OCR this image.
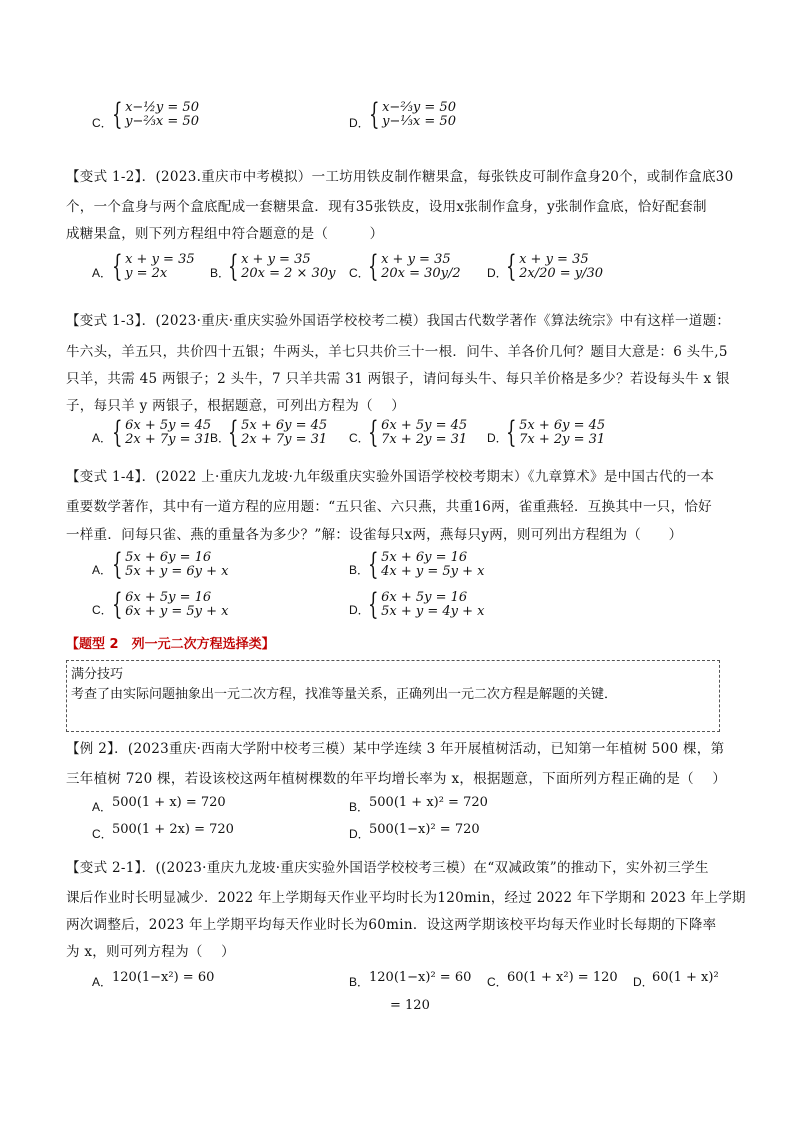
C． { x−½y = 50
y−⅔x = 50	D． { x−⅔y = 50
y−⅓x = 50
【变式 1-2】．(2023.重庆市中考模拟）一工坊用铁皮制作糖果盒，每张铁皮可制作盒身20个，或制作盒底30
个，一个盒身与两个盒底配成一套糖果盒．现有35张铁皮，设用x张制作盒身，y张制作盒底，恰好配套制
成糖果盒，则下列方程组中符合题意的是（　　　）
A． { x + y = 35
y = 2x	B．
{ x + y = 35
20x = 2 × 30y C．
{ x + y = 35
20x = 30y/2 D．
{ x + y = 35
2x/20 = y/30
【变式 1-3】．(2023·重庆·重庆实验外国语学校校考二模）我国古代数学著作《算法统宗》中有这样一道题：
牛六头，羊五只，共价四十五银；牛两头，羊七只共价三十一根．问牛、羊各价几何？题目大意是：6 头牛,5
只羊，共需 45 两银子；2 头牛，7 只羊共需 31 两银子，请问每头牛、每只羊价格是多少？若设每头牛 x 银
子，每只羊 y 两银子，根据题意，可列出方程为（　 ）
A． { 6x + 5y = 45
2x + 7y = 31
B．
{ 5x + 6y = 45
2x + 7y = 31 C．
{ 6x + 5y = 45
7x + 2y = 31 D．
{ 5x + 6y = 45
7x + 2y = 31
【变式 1-4】．(2022 上·重庆九龙坡·九年级重庆实验外国语学校校考期末）《九章算术》是中国古代的一本
重要数学著作，其中有一道方程的应用题：“五只雀、六只燕，共重16两，雀重燕轻．互换其中一只，恰好
一样重．问每只雀、燕的重量各为多少？”解：设雀每只x两，燕每只y两，则可列出方程组为（　　）
A． { 5x + 6y = 16
5x + y = 6y + x	B．
{ 5x + 6y = 16
4x + y = 5y + x
C． { 6x + 5y = 16
6x + y = 5y + x	D．
{ 6x + 5y = 16
5x + y = 4y + x
【题型 2　列一元二次方程选择类】
满分技巧
考查了由实际问题抽象出一元二次方程，找准等量关系，正确列出一元二次方程是解题的关键．
【例 2】．(2023重庆·西南大学附中校考三模）某中学连续 3 年开展植树活动，已知第一年植树 500 棵，第
三年植树 720 棵，若设该校这两年植树棵数的年平均增长率为 x，根据题意，下面所列方程正确的是（　 ）
A． 500(1 + x) = 720	B． 500(1 + x)² = 720
C． 500(1 + 2x) = 720	D． 500(1−x)² = 720
【变式 2-1】．((2023·重庆九龙坡·重庆实验外国语学校校考三模）在“双减政策”的推动下，实外初三学生
课后作业时长明显减少．2022 年上学期每天作业平均时长为120min，经过 2022 年下学期和 2023 年上学期
两次调整后，2023 年上学期平均每天作业时长为60min．设这两学期该校平均每天作业时长每期的下降率
为 x，则可列方程为（　 ）
A． 120(1−x²) = 60	B． 120(1−x)² = 60 C． 60(1 + x²) = 120 D．
60(1 + x)²
= 120
